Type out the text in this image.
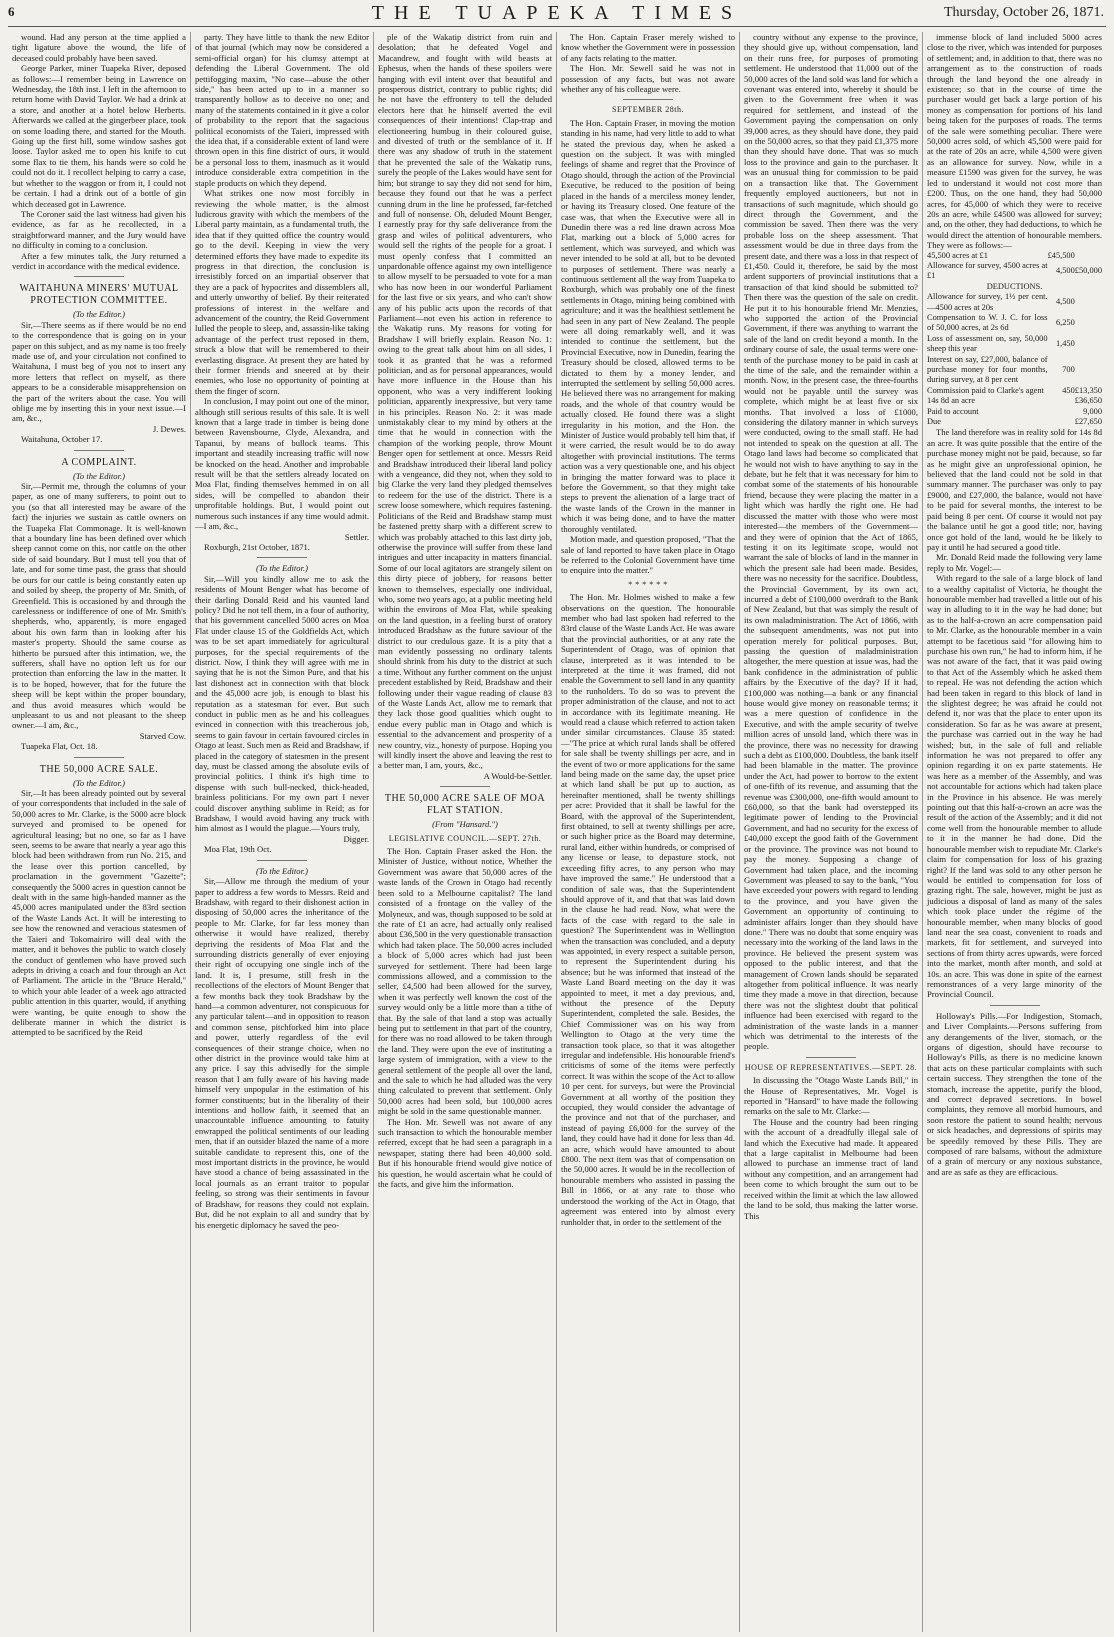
6	THE TUAPEKA TIMES	Thursday, October 26, 1871.

wound. Had any person at the time applied a tight ligature above the wound, the life of deceased could probably have been saved.

George Parker, miner Tuapeka River, deposed as follows:—I remember being in Lawrence on Wednesday, the 18th inst. I left in the afternoon to return home with David Taylor. We had a drink at a store, and another at a hotel below Herberts. Afterwards we called at the gingerbeer place, took on some loading there, and started for the Mouth. Going up the first hill, some window sashes got loose. Taylor asked me to open his knife to cut some flax to tie them, his hands were so cold he could not do it. I recollect helping to carry a case, but whether to the waggon or from it, I could not be certain. I had a drink out of a bottle of gin which deceased got in Lawrence.

The Coroner said the last witness had given his evidence, as far as he recollected, in a straightforward manner, and the Jury would have no difficulty in coming to a conclusion.

After a few minutes talk, the Jury returned a verdict in accordance with the medical evidence.

WAITAHUNA MINERS' MUTUAL PROTECTION COMMITTEE.

(To the Editor.)

Sir,—There seems as if there would be no end to the correspondence that is going on in your paper on this subject, and as my name is too freely made use of, and your circulation not confined to Waitahuna, I must beg of you not to insert any more letters that reflect on myself, as there appears to be a considerable misapprehension on the part of the writers about the case. You will oblige me by inserting this in your next issue.—I am, &c.,

J. Dewes.

Waitahuna, October 17.

A COMPLAINT.

(To the Editor.)

Sir,—Permit me, through the columns of your paper, as one of many sufferers, to point out to you (so that all interested may be aware of the fact) the injuries we sustain as cattle owners on the Tuapeka Flat Commonage. It is well-known that a boundary line has been defined over which sheep cannot come on this, nor cattle on the other side of said boundary. But I must tell you that of late, and for some time past, the grass that should be ours for our cattle is being constantly eaten up and soiled by sheep, the property of Mr. Smith, of Greenfield. This is occasioned by and through the carelessness or indifference of one of Mr. Smith's shepherds, who, apparently, is more engaged about his own farm than in looking after his master's property. Should the same course as hitherto be pursued after this intimation, we, the sufferers, shall have no option left us for our protection than enforcing the law in the matter. It is to be hoped, however, that for the future the sheep will be kept within the proper boundary, and thus avoid measures which would be unpleasant to us and not pleasant to the sheep owner.—I am, &c.,

Starved Cow.

Tuapeka Flat, Oct. 18.

THE 50,000 ACRE SALE.

(To the Editor.)

Sir,—It has been already pointed out by several of your correspondents that included in the sale of 50,000 acres to Mr. Clarke, is the 5000 acre block surveyed and promised to be opened for agricultural leasing; but no one, so far as I have seen, seems to be aware that nearly a year ago this block had been withdrawn from run No. 215, and the lease over this portion cancelled, by proclamation in the government "Gazette"; consequently the 5000 acres in question cannot be dealt with in the same high-handed manner as the 45,000 acres manipulated under the 83rd section of the Waste Lands Act. It will be interesting to see how the renowned and veracious statesmen of the Taieri and Tokomairiro will deal with the matter, and it behoves the public to watch closely the conduct of gentlemen who have proved such adepts in driving a coach and four through an Act of Parliament. The article in the "Bruce Herald," to which your able leader of a week ago attracted public attention in this quarter, would, if anything were wanting, be quite enough to show the deliberate manner in which the district is attempted to be sacrificed by the Reid

party. They have little to thank the new Editor of that journal (which may now be considered a semi-official organ) for his clumsy attempt at defending the Liberal Government. The old pettifogging maxim, "No case—abuse the other side," has been acted up to in a manner so transparently hollow as to deceive no one; and many of the statements contained in it give a color of probability to the report that the sagacious political economists of the Taieri, impressed with the idea that, if a considerable extent of land were thrown open in this fine district of ours, it would be a personal loss to them, inasmuch as it would introduce considerable extra competition in the staple products on which they depend.

What strikes one now most forcibly in reviewing the whole matter, is the almost ludicrous gravity with which the members of the Liberal party maintain, as a fundamental truth, the idea that if they quitted office the country would go to the devil. Keeping in view the very determined efforts they have made to expedite its progress in that direction, the conclusion is irresistibly forced on an impartial observer that they are a pack of hypocrites and dissemblers all, and utterly unworthy of belief. By their reiterated professions of interest in the welfare and advancement of the country, the Reid Government lulled the people to sleep, and, assassin-like taking advantage of the perfect trust reposed in them, struck a blow that will be remembered to their everlasting disgrace. At present they are hated by their former friends and sneered at by their enemies, who lose no opportunity of pointing at them the finger of scorn.

In conclusion, I may point out one of the minor, although still serious results of this sale. It is well known that a large trade in timber is being done between Ravensbourne, Clyde, Alexandra, and Tapanui, by means of bullock teams. This important and steadily increasing traffic will now be knocked on the head. Another and improbable result will be that the settlers already located on Moa Flat, finding themselves hemmed in on all sides, will be compelled to abandon their unprofitable holdings. But, I would point out numerous such instances if any time would admit.—I am, &c.,

Settler.

Roxburgh, 21st October, 1871.

(To the Editor.)

Sir,—Will you kindly allow me to ask the residents of Mount Benger what has become of their darling Donald Reid and his vaunted land policy? Did he not tell them, in a four of authority, that his government cancelled 5000 acres on Moa Flat under clause 15 of the Goldfields Act, which was to be set apart immediately for agricultural purposes, for the special requirements of the district. Now, I think they will agree with me in saying that he is not the Simon Pure, and that his last dishonest act in connection with that block and the 45,000 acre job, is enough to blast his reputation as a statesman for ever. But such conduct in public men as he and his colleagues evinced in connection with this treacherous job, seems to gain favour in certain favoured circles in Otago at least. Such men as Reid and Bradshaw, if placed in the category of statesmen in the present day, must be classed among the absolute evils of provincial politics. I think it's high time to dispense with such bull-necked, thick-headed, brainless politicians. For my own part I never could discover anything sublime in Reid; as for Bradshaw, I would avoid having any truck with him almost as I would the plague.—Yours truly,

Digger.

Moa Flat, 19th Oct.

(To the Editor.)

Sir,—Allow me through the medium of your paper to address a few words to Messrs. Reid and Bradshaw, with regard to their dishonest action in disposing of 50,000 acres the inheritance of the people to Mr. Clarke, for far less money than otherwise it would have realized, thereby depriving the residents of Moa Flat and the surrounding districts generally of ever enjoying their right of occupying one single inch of the land. It is, I presume, still fresh in the recollections of the electors of Mount Benger that a few months back they took Bradshaw by the hand—a common adventurer, not conspicuous for any particular talent—and in opposition to reason and common sense, pitchforked him into place and power, utterly regardless of the evil consequences of their strange choice, when no other district in the province would take him at any price. I say this advisedly for the simple reason that I am fully aware of his having made himself very unpopular in the estimation of his former constituents; but in the liberality of their intentions and hollow faith, it seemed that an unaccountable influence amounting to fatuity enwrapped the political sentiments of our leading men, that if an outsider blazed the name of a more suitable candidate to represent this, one of the most important districts in the province, he would have stood a chance of being assassinated in the local journals as an errant traitor to popular feeling, so strong was their sentiments in favour of Bradshaw, for reasons they could not explain. But, did he not explain to all and sundry that by his energetic diplomacy he saved the peo-

ple of the Wakatip district from ruin and desolation; that he defeated Vogel and Macandrew, and fought with wild beasts at Ephesus, when the hands of these spoilers were hanging with evil intent over that beautiful and prosperous district, contrary to public rights; did he not have the effrontery to tell the deluded electors here that he himself averted the evil consequences of their intentions! Clap-trap and electioneering humbug in their coloured guise, and divested of truth or the semblance of it. If there was any shadow of truth in the statement that he prevented the sale of the Wakatip runs, surely the people of the Lakes would have sent for him; but strange to say they did not send for him, because they found out that he was a perfect cunning drum in the line he professed, far-fetched and full of nonsense. Oh, deluded Mount Benger, I earnestly pray for thy safe deliverance from the grasp and wiles of political adventurers, who would sell the rights of the people for a groat. I must openly confess that I committed an unpardonable offence against my own intelligence to allow myself to be persuaded to vote for a man who has now been in our wonderful Parliament for the last five or six years, and who can't show any of his public acts upon the records of that Parliament—not even his action in reference to the Wakatip runs. My reasons for voting for Bradshaw I will briefly explain. Reason No. 1: owing to the great talk about him on all sides, I took it as granted that he was a reformed politician, and as for personal appearances, would have more influence in the House than his opponent, who was a very indifferent looking politician, apparently inexpressive, but very tame in his principles. Reason No. 2: it was made unmistakably clear to my mind by others at the time that he would in connection with the champion of the working people, throw Mount Benger open for settlement at once. Messrs Reid and Bradshaw introduced their liberal land policy with a vengeance, did they not, when they sold to big Clarke the very land they pledged themselves to redeem for the use of the district. There is a screw loose somewhere, which requires fastening. Politicians of the Reid and Bradshaw stamp must be fastened pretty sharp with a different screw to which was probably attached to this last dirty job, otherwise the province will suffer from these land intrigues and utter incapacity in matters financial. Some of our local agitators are strangely silent on this dirty piece of jobbery, for reasons better known to themselves, especially one individual, who, some two years ago, at a public meeting held within the environs of Moa Flat, while speaking on the land question, in a feeling burst of oratory introduced Bradshaw as the future saviour of the district to our credulous gaze. It is a pity that a man evidently possessing no ordinary talents should shrink from his duty to the district at such a time. Without any further comment on the unjust precedent established by Reid, Bradshaw and their following under their vague reading of clause 83 of the Waste Lands Act, allow me to remark that they lack those good qualities which ought to endue every public man in Otago and which is essential to the advancement and prosperity of a new country, viz., honesty of purpose. Hoping you will kindly insert the above and leaving the rest to a better man, I am, yours, &c.,

A Would-be-Settler.

THE 50,000 ACRE SALE OF MOA FLAT STATION.

(From "Hansard.")

LEGISLATIVE COUNCIL.—SEPT. 27th.

The Hon. Captain Fraser asked the Hon. the Minister of Justice, without notice, Whether the Government was aware that 50,000 acres of the waste lands of the Crown in Otago had recently been sold to a Melbourne capitalist? The land consisted of a frontage on the valley of the Molyneux, and was, though supposed to be sold at the rate of £1 an acre, had actually only realised about £36,500 in the very questionable transaction which had taken place. The 50,000 acres included a block of 5,000 acres which had just been surveyed for settlement. There had been large commissions allowed, and a commission to the seller, £4,500 had been allowed for the survey, when it was perfectly well known the cost of the survey would only be a little more than a tithe of that. By the sale of that land a stop was actually being put to settlement in that part of the country, for there was no road allowed to be taken through the land. They were upon the eve of instituting a large system of immigration, with a view to the general settlement of the people all over the land, and the sale to which he had alluded was the very thing calculated to prevent that settlement. Only 50,000 acres had been sold, but 100,000 acres might be sold in the same questionable manner.

The Hon. Mr. Sewell was not aware of any such transaction to which the honourable member referred, except that he had seen a paragraph in a newspaper, stating there had been 40,000 sold. But if his honourable friend would give notice of his question, he would ascertain what he could of the facts, and give him the information.

The Hon. Captain Fraser merely wished to know whether the Government were in possession of any facts relating to the matter.

The Hon. Mr. Sewell said he was not in possession of any facts, but was not aware whether any of his colleague were.

SEPTEMBER 28th.

The Hon. Captain Fraser, in moving the motion standing in his name, had very little to add to what he stated the previous day, when he asked a question on the subject. It was with mingled feelings of shame and regret that the Province of Otago should, through the action of the Provincial Executive, be reduced to the position of being placed in the hands of a merciless money lender, or having its Treasury closed. One feature of the case was, that when the Executive were all in Dunedin there was a red line drawn across Moa Flat, marking out a block of 5,000 acres for settlement, which was surveyed, and which was never intended to be sold at all, but to be devoted to purposes of settlement. There was nearly a continuous settlement all the way from Tuapeka to Roxburgh, which was probably one of the finest settlements in Otago, mining being combined with agriculture; and it was the healthiest settlement he had seen in any part of New Zealand. The people were all doing remarkably well, and it was intended to continue the settlement, but the Provincial Executive, now in Dunedin, fearing the Treasury should be closed, allowed terms to be dictated to them by a money lender, and interrupted the settlement by selling 50,000 acres. He believed there was no arrangement for making roads, and the whole of that country would be actually closed. He found there was a slight irregularity in his motion, and the Hon. the Minister of Justice would probably tell him that, if it were carried, the result would be to do away altogether with provincial institutions. The terms action was a very questionable one, and his object in bringing the matter forward was to place it before the Government, so that they might take steps to prevent the alienation of a large tract of the waste lands of the Crown in the manner in which it was being done, and to have the matter thoroughly ventilated.

Motion made, and question proposed, "That the sale of land reported to have taken place in Otago be referred to the Colonial Government have time to enquire into the matter."

* * * * * *

The Hon. Mr. Holmes wished to make a few observations on the question. The honourable member who had last spoken had referred to the 83rd clause of the Waste Lands Act. He was aware that the provincial authorities, or at any rate the Superintendent of Otago, was of opinion that clause, interpreted as it was intended to be interpreted at the time it was framed, did not enable the Government to sell land in any quantity to the runholders. To do so was to prevent the proper administration of the clause, and not to act in accordance with its legitimate meaning. He would read a clause which referred to action taken under similar circumstances. Clause 35 stated:—"The price at which rural lands shall be offered for sale shall be twenty shillings per acre, and in the event of two or more applications for the same land being made on the same day, the upset price at which land shall be put up to auction, as hereinafter mentioned, shall be twenty shillings per acre: Provided that it shall be lawful for the Board, with the approval of the Superintendent, first obtained, to sell at twenty shillings per acre, or such higher price as the Board may determine, rural land, either within hundreds, or comprised of any license or lease, to depasture stock, not exceeding fifty acres, to any person who may have improved the same." He understood that a condition of sale was, that the Superintendent should approve of it, and that that was laid down in the clause he had read. Now, what were the facts of the case with regard to the sale in question? The Superintendent was in Wellington when the transaction was concluded, and a deputy was appointed, in every respect a suitable person, to represent the Superintendent during his absence; but he was informed that instead of the Waste Land Board meeting on the day it was appointed to meet, it met a day previous, and, without the presence of the Deputy Superintendent, completed the sale. Besides, the Chief Commissioner was on his way from Wellington to Otago at the very time the transaction took place, so that it was altogether irregular and indefensible. His honourable friend's criticisms of some of the items were perfectly correct. It was within the scope of the Act to allow 10 per cent. for surveys, but were the Provincial Government at all worthy of the position they occupied, they would consider the advantage of the province and not that of the purchaser, and instead of paying £6,000 for the survey of the land, they could have had it done for less than 4d. an acre, which would have amounted to about £800. The next item was that of compensation on the 50,000 acres. It would be in the recollection of honourable members who assisted in passing the Bill in 1866, or at any rate to those who understood the working of the Act in Otago, that agreement was entered into by almost every runholder that, in order to the settlement of the

country without any expense to the province, they should give up, without compensation, land on their runs free, for purposes of promoting settlement. He understood that 11,000 out of the 50,000 acres of the land sold was land for which a covenant was entered into, whereby it should be given to the Government free when it was required for settlement, and instead of the Government paying the compensation on only 39,000 acres, as they should have done, they paid on the 50,000 acres, so that they paid £1,375 more than they should have done. That was so much loss to the province and gain to the purchaser. It was an unusual thing for commission to be paid on a transaction like that. The Government frequently employed auctioneers, but not in transactions of such magnitude, which should go direct through the Government, and the commission be saved. Then there was the very probable loss on the sheep assessment. That assessment would be due in three days from the present date, and there was a loss in that respect of £1,450. Could it, therefore, be said by the most ardent supporters of provincial institutions that a transaction of that kind should be submitted to? Then there was the question of the sale on credit. He put it to his honourable friend Mr. Menzies, who supported the action of the Provincial Government, if there was anything to warrant the sale of the land on credit beyond a month. In the ordinary course of sale, the usual terms were one-tenth of the purchase money to be paid in cash at the time of the sale, and the remainder within a month. Now, in the present case, the three-fourths would not be payable until the survey was complete, which might be at least five or six months. That involved a loss of £1000, considering the dilatory manner in which surveys were conducted, owing to the small staff. He had not intended to speak on the question at all. The Otago land laws had become so complicated that he would not wish to have anything to say in the debate, but he felt that it was necessary for him to combat some of the statements of his honourable friend, because they were placing the matter in a light which was hardly the right one. He had discussed the matter with those who were most interested—the members of the Government—and they were of opinion that the Act of 1865, testing it on its legitimate scope, would not warrant the sale of blocks of land in the manner in which the present sale had been made. Besides, there was no necessity for the sacrifice. Doubtless, the Provincial Government, by its own act, incurred a debt of £100,000 overdraft to the Bank of New Zealand, but that was simply the result of its own maladministration. The Act of 1866, with the subsequent amendments, was not put into operation merely for political purposes. But, passing the question of maladministration altogether, the mere question at issue was, had the bank confidence in the administration of public affairs by the Executive of the day? If it had, £100,000 was nothing—a bank or any financial house would give money on reasonable terms; it was a mere question of confidence in the Executive, and with the ample security of twelve million acres of unsold land, which there was in the province, there was no necessity for drawing such a debt as £100,000. Doubtless, the bank itself had been blamable in the matter. The province under the Act, had power to borrow to the extent of one-fifth of its revenue, and assuming that the revenue was £300,000, one-fifth would amount to £60,000, so that the bank had overstepped its legitimate power of lending to the Provincial Government, and had no security for the excess of £40,000 except the good faith of the Government or the province. The province was not bound to pay the money. Supposing a change of Government had taken place, and the incoming Government was pleased to say to the bank, "You have exceeded your powers with regard to lending to the province, and you have given the Government an opportunity of continuing to administer affairs longer than they should have done." There was no doubt that some enquiry was necessary into the working of the land laws in the province. He believed the present system was opposed to the public interest, and that the management of Crown lands should be separated altogether from political influence. It was nearly time they made a move in that direction, because there was not the slightest doubt that political influence had been exercised with regard to the administration of the waste lands in a manner which was detrimental to the interests of the people.

HOUSE OF REPRESENTATIVES.—SEPT. 28.

In discussing the "Otago Waste Lands Bill," in the House of Representatives, Mr. Vogel is reported in "Hansard" to have made the following remarks on the sale to Mr. Clarke:—

The House and the country had been ringing with the account of a dreadfully illegal sale of land which the Executive had made. It appeared that a large capitalist in Melbourne had been allowed to purchase an immense tract of land without any competition, and an arrangement had been come to which brought the sum out to be received within the limit at which the law allowed the land to be sold, thus making the latter worse. This

immense block of land included 5000 acres close to the river, which was intended for purposes of settlement; and, in addition to that, there was no arrangement as to the construction of roads through the land beyond the one already in existence; so that in the course of time the purchaser would get back a large portion of his money as compensation for portions of his land being taken for the purposes of roads. The terms of the sale were something peculiar. There were 50,000 acres sold, of which 45,500 were paid for at the rate of 20s an acre, while 4,500 were given as an allowance for survey. Now, while in a measure £1590 was given for the survey, he was led to understand it would not cost more than £200. Thus, on the one hand, they had 50,000 acres, for 45,000 of which they were to receive 20s an acre, while £4500 was allowed for survey; and, on the other, they had deductions, to which he would direct the attention of honourable members. They were as follows:—

45,500 acres at £1	£45,500	
Allowance for survey, 4500 acres at £1	4,500	£50,000
DEDUCTIONS.		
Allowance for survey, 1½ per cent.—4500 acres at 20s	4,500	
Compensation to W. J. C. for loss of 50,000 acres, at 2s 6d	6,250	
Loss of assessment on, say, 50,000 sheep this year	1,450	
Interest on say, £27,000, balance of purchase money for four months, during survey, at 8 per cent	700	
Commission paid to Clarke's agent	450	£13,350
14s 8d an acre		£36,650
Paid to account		9,000
Due		£27,650

The land therefore was in reality sold for 14s 8d an acre. It was quite possible that the entire of the purchase money might not be paid, because, so far as he might give an unprofessional opinion, he believed that the land could not be sold in that summary manner. The purchaser was only to pay £9000, and £27,000, the balance, would not have to be paid for several months, the interest to be paid being 8 per cent. Of course it would not pay the balance until he got a good title; nor, having once got hold of the land, would he be likely to pay it until he had secured a good title.

Mr. Donald Reid made the following very lame reply to Mr. Vogel:—

With regard to the sale of a large block of land to a wealthy capitalist of Victoria, he thought the honourable member had travelled a little out of his way in alluding to it in the way he had done; but as to the half-a-crown an acre compensation paid to Mr. Clarke, as the honourable member in a vain attempt to be facetious said "for allowing him to purchase his own run," he had to inform him, if he was not aware of the fact, that it was paid owing to that Act of the Assembly which he asked them to repeal. He was not defending the action which had been taken in regard to this block of land in the slightest degree; he was afraid he could not defend it, nor was that the place to enter upon its consideration. So far as he was aware at present, the purchase was carried out in the way he had wished; but, in the sale of full and reliable information he was not prepared to offer any opinion regarding it on ex parte statements. He was here as a member of the Assembly, and was not accountable for actions which had taken place in the Province in his absence. He was merely pointing out that this half-a-crown an acre was the result of the action of the Assembly; and it did not come well from the honourable member to allude to it in the manner he had done. Did the honourable member wish to repudiate Mr. Clarke's claim for compensation for loss of his grazing right? If the land was sold to any other person he would be entitled to compensation for loss of grazing right. The sale, however, might be just as judicious a disposal of land as many of the sales which took place under the régime of the honourable member, when many blocks of good land near the sea coast, convenient to roads and markets, fit for settlement, and surveyed into sections of from thirty acres upwards, were forced into the market, month after month, and sold at 10s. an acre. This was done in spite of the earnest remonstrances of a very large minority of the Provincial Council.

Holloway's Pills.—For Indigestion, Stomach, and Liver Complaints.—Persons suffering from any derangements of the liver, stomach, or the organs of digestion, should have recourse to Holloway's Pills, as there is no medicine known that acts on these particular complaints with such certain success. They strengthen the tone of the stomach, increase the appetite, purify the blood, and correct depraved secretions. In bowel complaints, they remove all morbid humours, and soon restore the patient to sound health; nervous or sick headaches, and depressions of spirits may be speedily removed by these Pills. They are composed of rare balsams, without the admixture of a grain of mercury or any noxious substance, and are as safe as they are efficacious.
